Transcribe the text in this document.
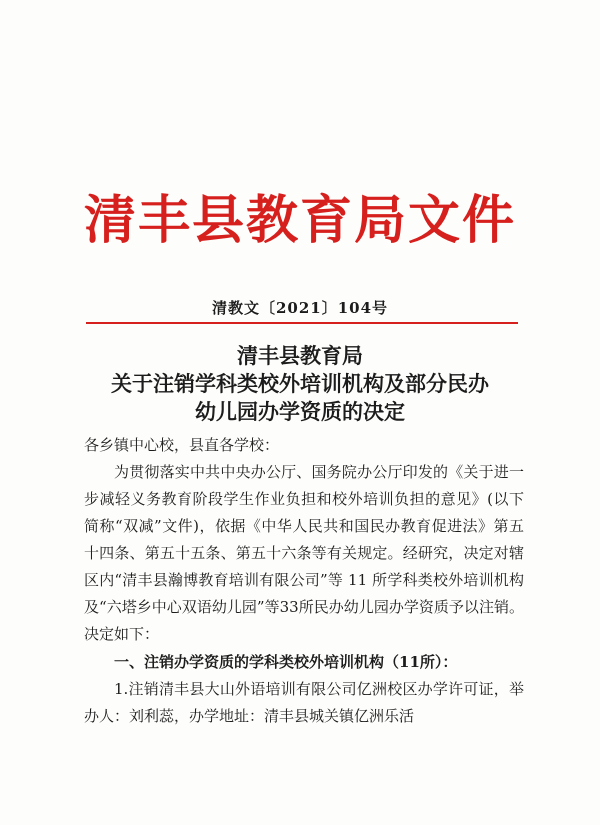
清丰县教育局文件
清教文〔2021〕104号
清丰县教育局
关于注销学科类校外培训机构及部分民办
幼儿园办学资质的决定

各乡镇中心校，县直各学校：

为贯彻落实中共中央办公厅、国务院办公厅印发的《关于进一步减轻义务教育阶段学生作业负担和校外培训负担的意见》(以下简称“双减”文件)，依据《中华人民共和国民办教育促进法》第五十四条、第五十五条、第五十六条等有关规定。经研究，决定对辖区内“清丰县瀚博教育培训有限公司”等 11 所学科类校外培训机构及“六塔乡中心双语幼儿园”等33所民办幼儿园办学资质予以注销。决定如下：

一、注销办学资质的学科类校外培训机构（11所）：

1.注销清丰县大山外语培训有限公司亿洲校区办学许可证，举办人：刘利蕊，办学地址：清丰县城关镇亿洲乐活
